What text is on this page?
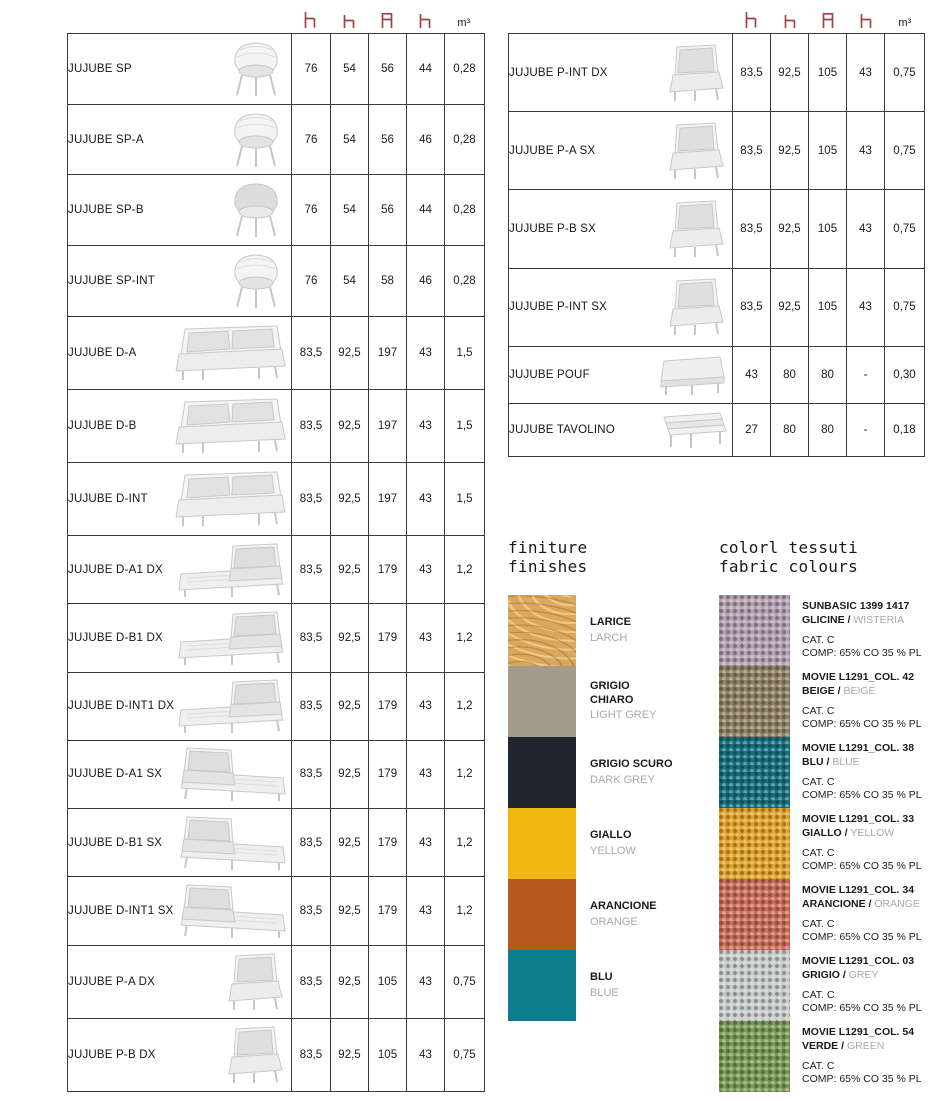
m³	m³
JUJUBE SP	76	54	56	44	0,28

JUJUBE SP-A	76	54	56	46	0,28

JUJUBE SP-B	76	54	56	44	0,28

JUJUBE SP-INT	76	54	58	46	0,28

JUJUBE D-A	83,5	92,5	197	43	1,5

JUJUBE D-B	83,5	92,5	197	43	1,5

JUJUBE D-INT	83,5	92,5	197	43	1,5

JUJUBE D-A1 DX	83,5	92,5	179	43	1,2

JUJUBE D-B1 DX	83,5	92,5	179	43	1,2

JUJUBE D-INT1 DX	83,5	92,5	179	43	1,2

JUJUBE D-A1 SX	83,5	92,5	179	43	1,2

JUJUBE D-B1 SX	83,5	92,5	179	43	1,2

JUJUBE D-INT1 SX	83,5	92,5	179	43	1,2

JUJUBE P-A DX	83,5	92,5	105	43	0,75

JUJUBE P-B DX	83,5	92,5	105	43	0,75
JUJUBE P-INT DX	83,5	92,5	105	43	0,75

JUJUBE P-A SX	83,5	92,5	105	43	0,75

JUJUBE P-B SX	83,5	92,5	105	43	0,75

JUJUBE P-INT SX	83,5	92,5	105	43	0,75

JUJUBE POUF	43	80	80	-	0,30

JUJUBE TAVOLINO	27	80	80	-	0,18
finiture
finishes
LARICE
LARCH
GRIGIO CHIARO
LIGHT GREY
GRIGIO SCURO
DARK GREY
GIALLO
YELLOW
ARANCIONE
ORANGE
BLU
BLUE
colorl tessuti
fabric colours
SUNBASIC 1399 1417
GLICINE / WISTERIA
CAT. C
COMP: 65% CO 35 % PL
MOVIE L1291_COL. 42
BEIGE / BEIGE
CAT. C
COMP: 65% CO 35 % PL
MOVIE L1291_COL. 38
BLU / BLUE
CAT. C
COMP: 65% CO 35 % PL
MOVIE L1291_COL. 33
GIALLO / YELLOW
CAT. C
COMP: 65% CO 35 % PL
MOVIE L1291_COL. 34
ARANCIONE / ORANGE
CAT. C
COMP: 65% CO 35 % PL
MOVIE L1291_COL. 03
GRIGIO / GREY
CAT. C
COMP: 65% CO 35 % PL
MOVIE L1291_COL. 54
VERDE / GREEN
CAT. C
COMP: 65% CO 35 % PL
